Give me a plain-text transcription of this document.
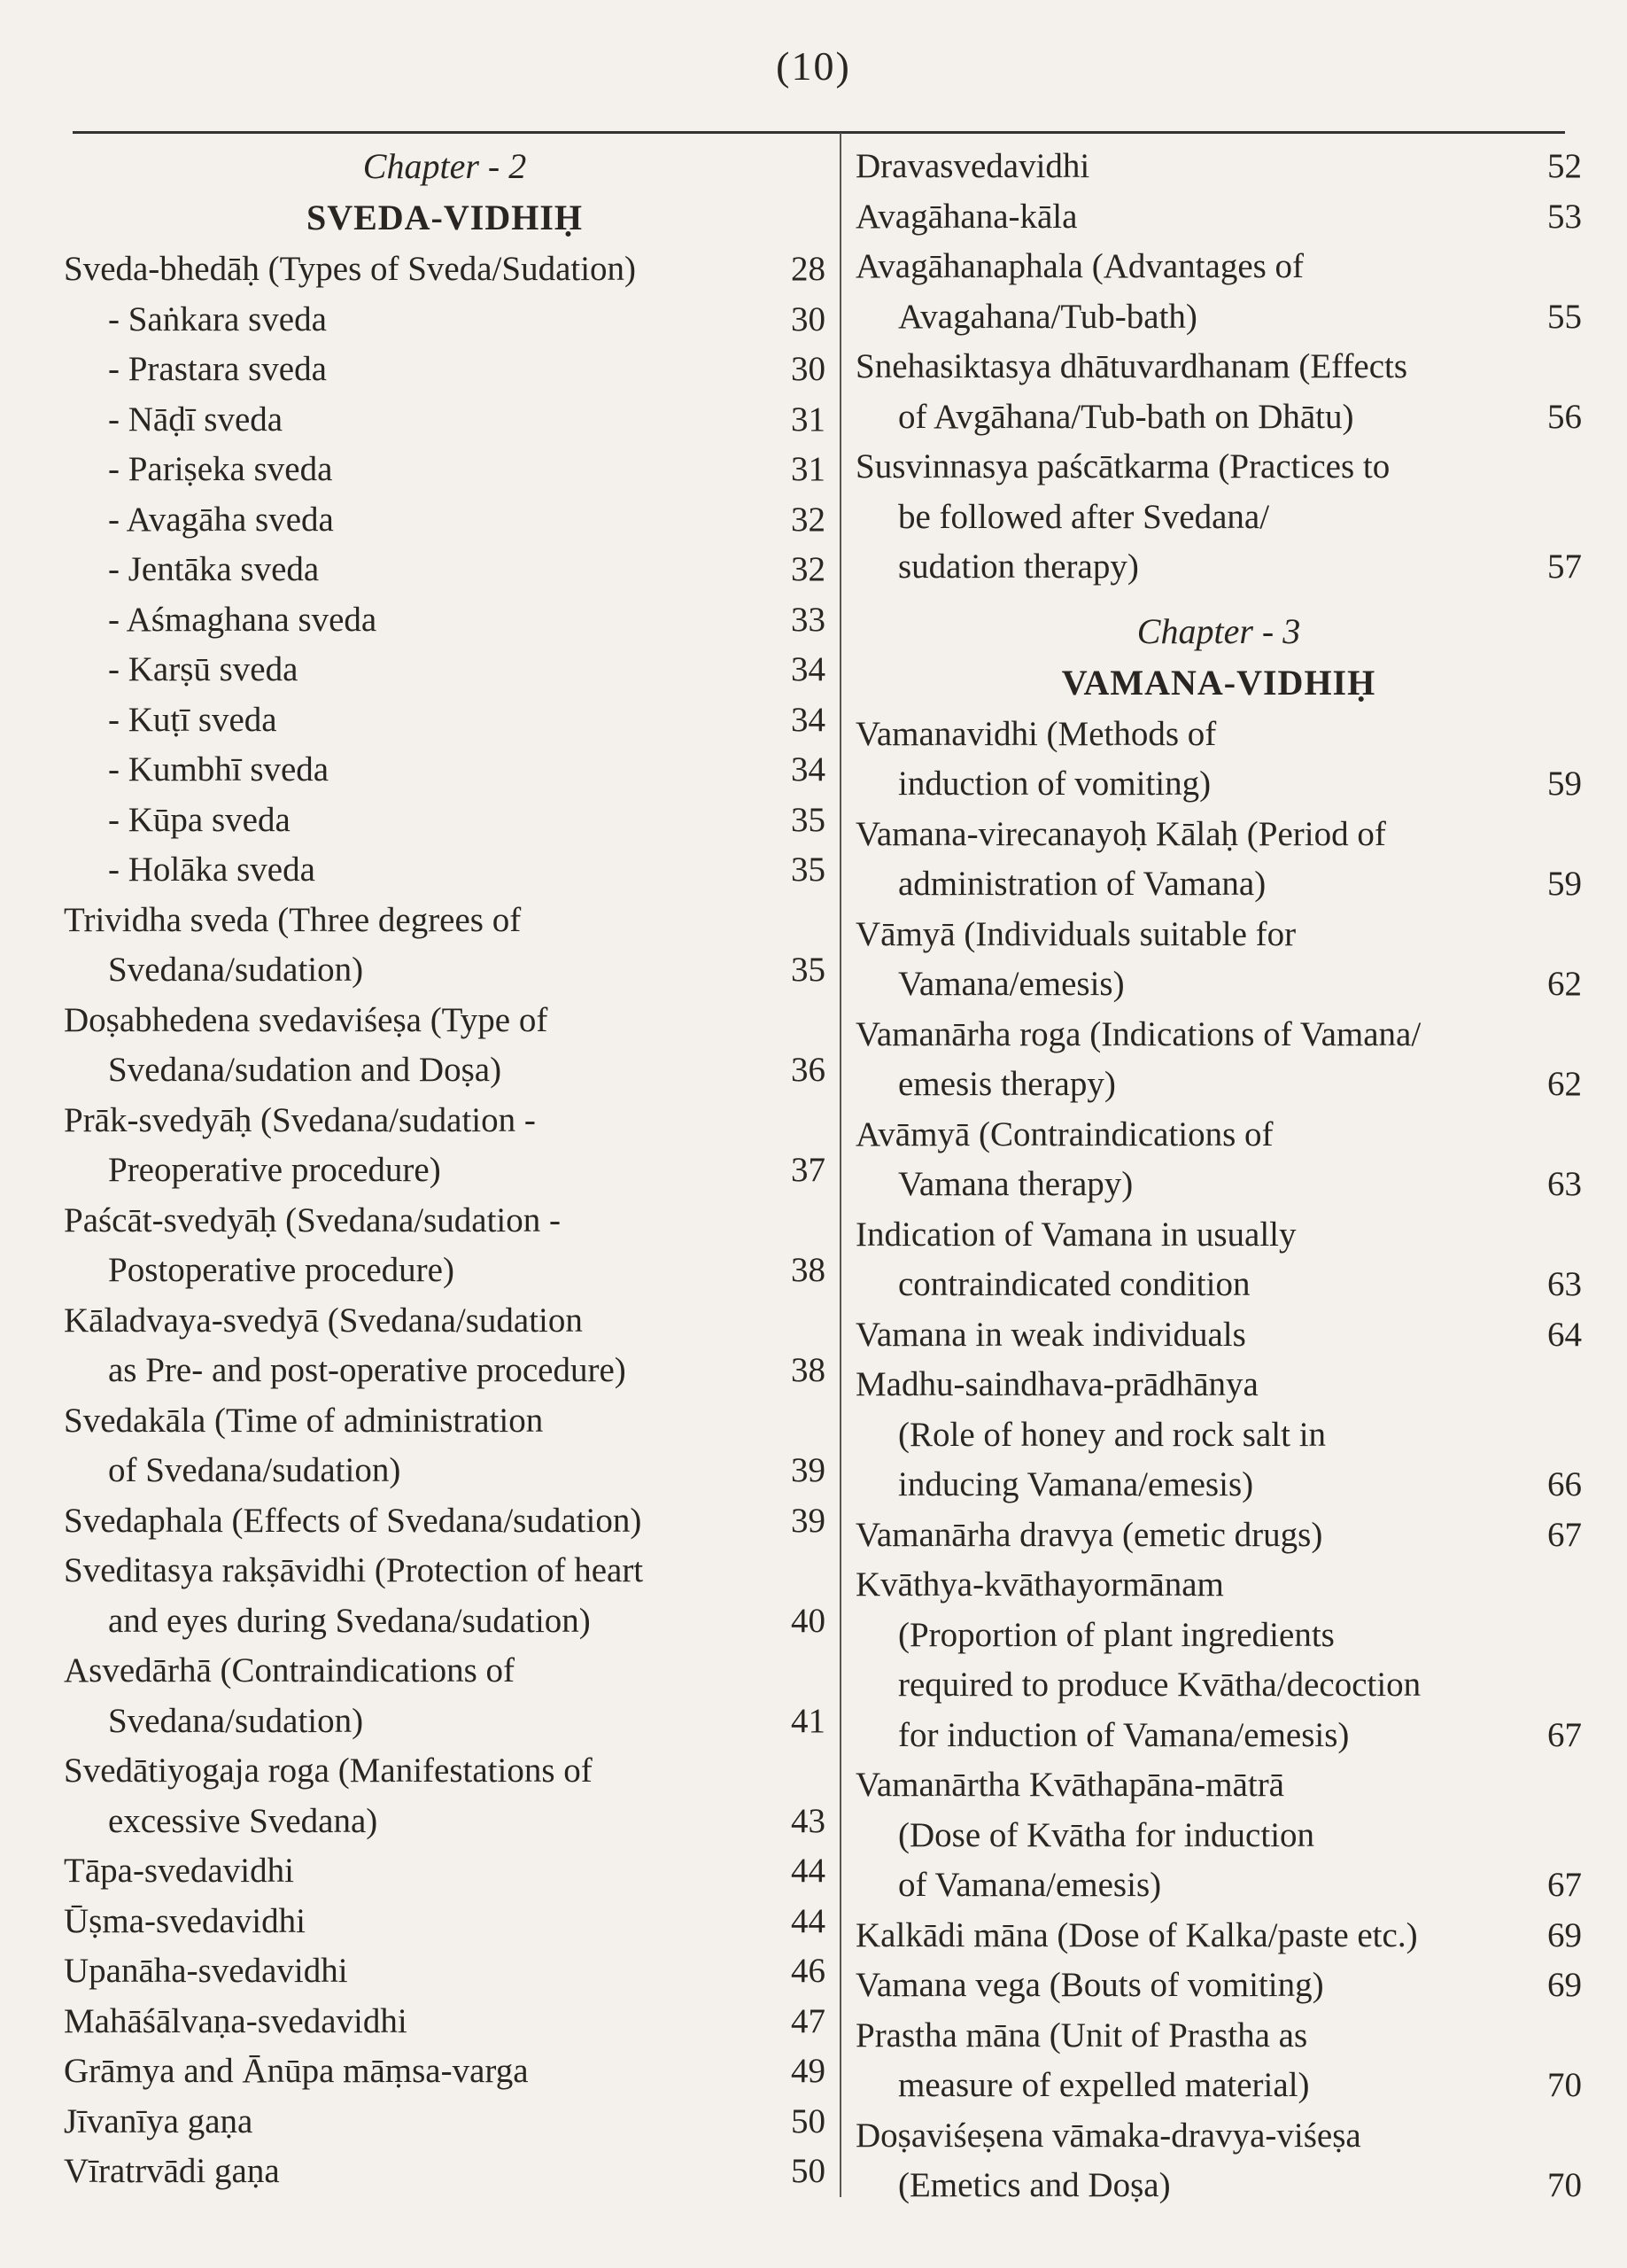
(10)
Chapter - 2
SVEDA-VIDHIḤ
Sveda-bhedāḥ (Types of Sveda/Sudation)	28
- Saṅkara sveda	30
- Prastara sveda	30
- Nāḍī sveda	31
- Pariṣeka sveda	31
- Avagāha sveda	32
- Jentāka sveda	32
- Aśmaghana sveda	33
- Karṣū sveda	34
- Kuṭī sveda	34
- Kumbhī sveda	34
- Kūpa sveda	35
- Holāka sveda	35
Trividha sveda (Three degrees of
Svedana/sudation)	35
Doṣabhedena svedaviśeṣa (Type of
Svedana/sudation and Doṣa)	36
Prāk-svedyāḥ (Svedana/sudation -
Preoperative procedure)	37
Paścāt-svedyāḥ (Svedana/sudation -
Postoperative procedure)	38
Kāladvaya-svedyā (Svedana/sudation
as Pre- and post-operative procedure)	38
Svedakāla (Time of administration
of Svedana/sudation)	39
Svedaphala (Effects of Svedana/sudation)	39
Sveditasya rakṣāvidhi (Protection of heart
and eyes during Svedana/sudation)	40
Asvedārhā (Contraindications of
Svedana/sudation)	41
Svedātiyogaja roga (Manifestations of
excessive Svedana)	43
Tāpa-svedavidhi	44
Ūṣma-svedavidhi	44
Upanāha-svedavidhi	46
Mahāśālvaṇa-svedavidhi	47
Grāmya and Ānūpa māṃsa-varga	49
Jīvanīya gaṇa	50
Vīratrvādi gaṇa	50
Dravasvedavidhi	52
Avagāhana-kāla	53
Avagāhanaphala (Advantages of
Avagahana/Tub-bath)	55
Snehasiktasya dhātuvardhanam (Effects
of Avgāhana/Tub-bath on Dhātu)	56
Susvinnasya paścātkarma (Practices to
be followed after Svedana/
sudation therapy)	57
Chapter - 3
VAMANA-VIDHIḤ
Vamanavidhi (Methods of
induction of vomiting)	59
Vamana-virecanayoḥ Kālaḥ (Period of
administration of Vamana)	59
Vāmyā (Individuals suitable for
Vamana/emesis)	62
Vamanārha roga (Indications of Vamana/
emesis therapy)	62
Avāmyā (Contraindications of
Vamana therapy)	63
Indication of Vamana in usually
contraindicated condition	63
Vamana in weak individuals	64
Madhu-saindhava-prādhānya
(Role of honey and rock salt in
inducing Vamana/emesis)	66
Vamanārha dravya (emetic drugs)	67
Kvāthya-kvāthayormānam
(Proportion of plant ingredients
required to produce Kvātha/decoction
for induction of Vamana/emesis)	67
Vamanārtha Kvāthapāna-mātrā
(Dose of Kvātha for induction
of Vamana/emesis)	67
Kalkādi māna (Dose of Kalka/paste etc.)	69
Vamana vega (Bouts of vomiting)	69
Prastha māna (Unit of Prastha as
measure of expelled material)	70
Doṣaviśeṣena vāmaka-dravya-viśeṣa
(Emetics and Doṣa)	70
